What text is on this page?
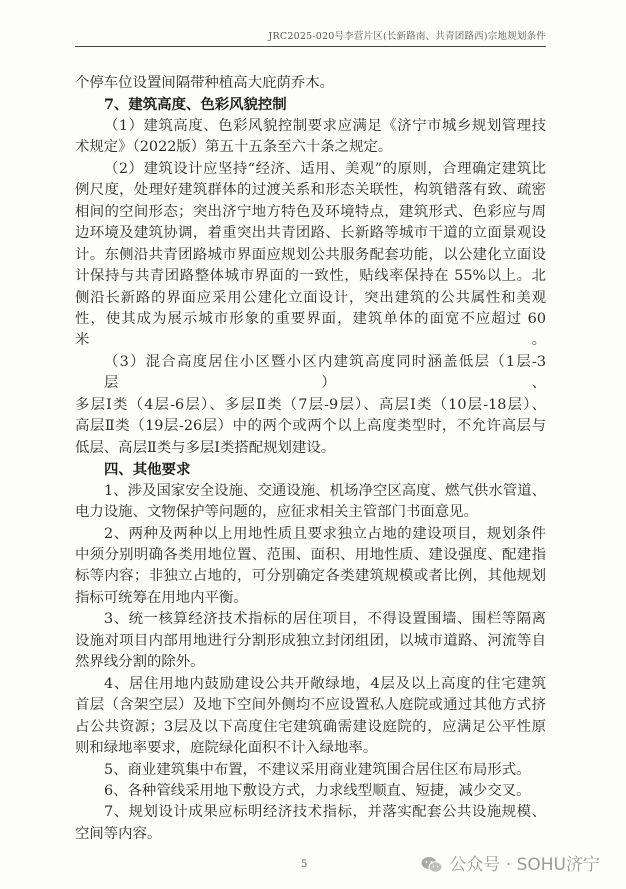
JRC2025-020号李营片区(长新路南、共青团路西)宗地规划条件
个停车位设置间隔带种植高大庇荫乔木。
7、建筑高度、色彩风貌控制
（1）建筑高度、色彩风貌控制要求应满足《济宁市城乡规划管理技
术规定》（2022版）第五十五条至六十条之规定。
（2）建筑设计应坚持“经济、适用、美观”的原则，合理确定建筑比
例尺度，处理好建筑群体的过渡关系和形态关联性，构筑错落有致、疏密
相间的空间形态；突出济宁地方特色及环境特点，建筑形式、色彩应与周
边环境及建筑协调，着重突出共青团路、长新路等城市干道的立面景观设
计。东侧沿共青团路城市界面应规划公共服务配套功能，以公建化立面设
计保持与共青团路整体城市界面的一致性，贴线率保持在 55%以上。北
侧沿长新路的界面应采用公建化立面设计，突出建筑的公共属性和美观
性，使其成为展示城市形象的重要界面，建筑单体的面宽不应超过 60 米。
（3）混合高度居住小区暨小区内建筑高度同时涵盖低层（1层-3层）、
多层Ⅰ类（4层-6层）、多层Ⅱ类（7层-9层）、高层Ⅰ类（10层-18层）、
高层Ⅱ类（19层-26层）中的两个或两个以上高度类型时，不允许高层与
低层、高层Ⅱ类与多层Ⅰ类搭配规划建设。
四、其他要求
1、涉及国家安全设施、交通设施、机场净空区高度、燃气供水管道、
电力设施、文物保护等问题的，应征求相关主管部门书面意见。
2、两种及两种以上用地性质且要求独立占地的建设项目，规划条件
中须分别明确各类用地位置、范围、面积、用地性质、建设强度、配建指
标等内容；非独立占地的，可分别确定各类建筑规模或者比例，其他规划
指标可统筹在用地内平衡。
3、统一核算经济技术指标的居住项目，不得设置围墙、围栏等隔离
设施对项目内部用地进行分割形成独立封闭组团，以城市道路、河流等自
然界线分割的除外。
4、居住用地内鼓励建设公共开敞绿地，4层及以上高度的住宅建筑
首层（含架空层）及地下空间外侧均不应设置私人庭院或通过其他方式挤
占公共资源；3层及以下高度住宅建筑确需建设庭院的，应满足公平性原
则和绿地率要求，庭院绿化面积不计入绿地率。
5、商业建筑集中布置，不建议采用商业建筑围合居住区布局形式。
6、各种管线采用地下敷设方式，力求线型顺直、短捷，减少交叉。
7、规划设计成果应标明经济技术指标，并落实配套公共设施规模、
空间等内容。
5	公众号 · SOHU济宁
